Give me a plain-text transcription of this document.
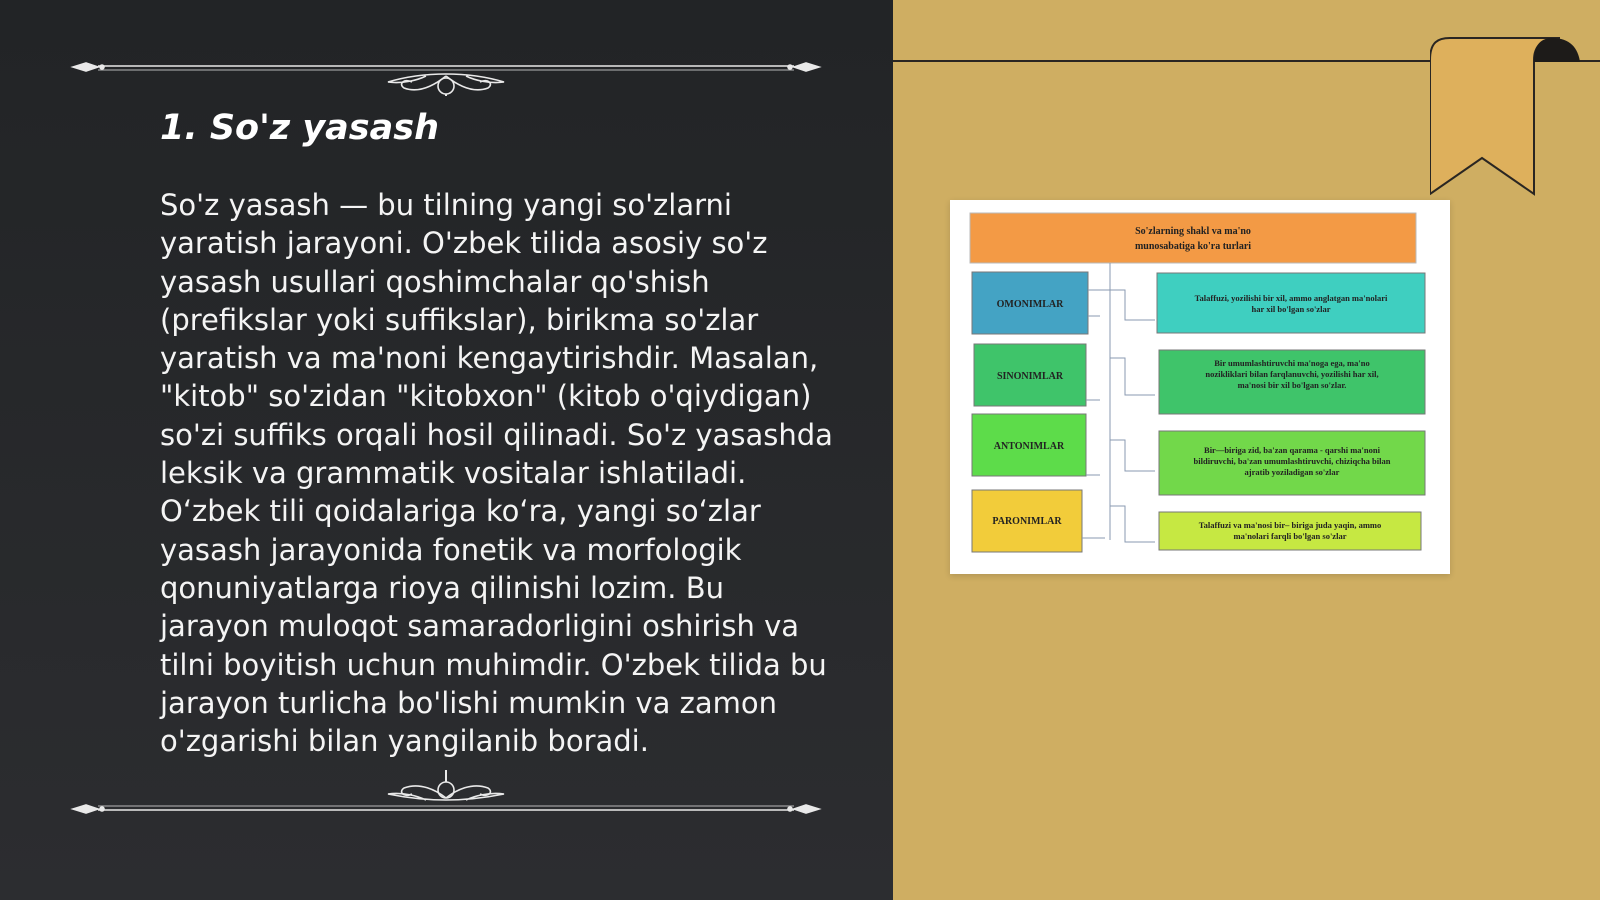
1. So'z yasash

So'z yasash — bu tilning yangi so'zlarni yaratish jarayoni. O'zbek tilida asosiy so'z yasash usullari qoshimchalar qo'shish (prefikslar yoki suffikslar), birikma so'zlar yaratish va ma'noni kengaytirishdir. Masalan, "kitob" so'zidan "kitobxon" (kitob o'qiydigan) so'zi suffiks orqali hosil qilinadi. So'z yasashda leksik va grammatik vositalar ishlatiladi. O‘zbek tili qoidalariga ko‘ra, yangi so‘zlar yasash jarayonida fonetik va morfologik qonuniyatlarga rioya qilinishi lozim. Bu jarayon muloqot samaradorligini oshirish va tilni boyitish uchun muhimdir. O'zbek tilida bu jarayon turlicha bo'lishi mumkin va zamon o'zgarishi bilan yangilanib boradi.

So'zlarning shakl va ma'no
munosabatiga ko'ra turlari
OMONIMLAR
Talaffuzi, yozilishi bir xil, ammo anglatgan ma'nolari
har xil bo'lgan so'zlar
SINONIMLAR
Bir umumlashtiruvchi ma'noga ega, ma'no
nozikliklari bilan farqlanuvchi, yozilishi har xil,
ma'nosi bir xil bo'lgan so'zlar.
ANTONIMLAR	Bir—biriga zid, ba'zan qarama - qarshi ma'noni
bildiruvchi, ba'zan umumlashtiruvchi, chiziqcha bilan
ajratib yoziladigan so'zlar
PARONIMLAR	Talaffuzi va ma'nosi bir– biriga juda yaqin, ammo
ma'nolari farqli bo'lgan so'zlar
